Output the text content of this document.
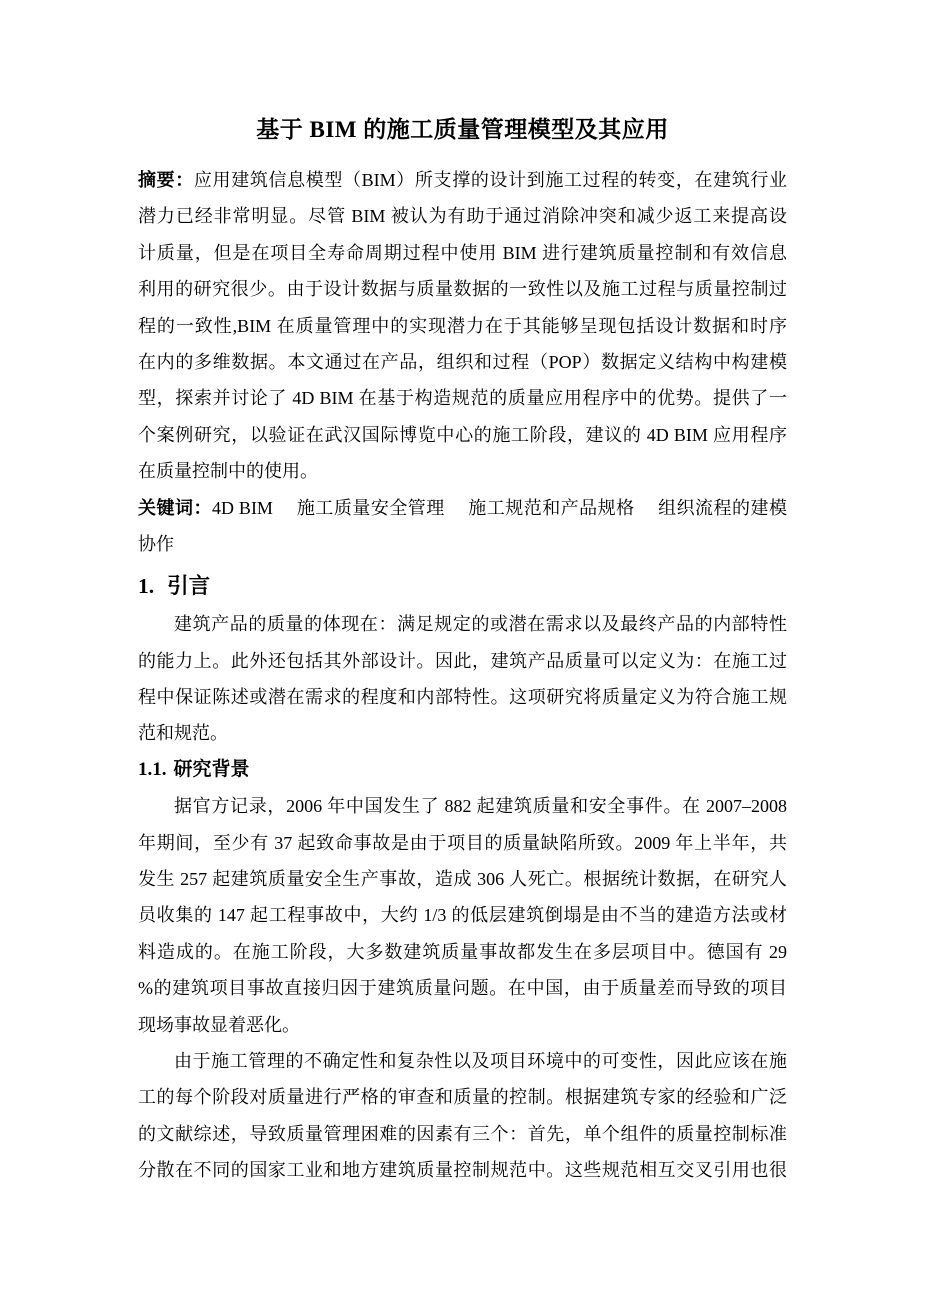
基于 BIM 的施工质量管理模型及其应用
摘要：应用建筑信息模型（BIM）所支撑的设计到施工过程的转变，在建筑行业
潜力已经非常明显。尽管 BIM 被认为有助于通过消除冲突和减少返工来提高设
计质量，但是在项目全寿命周期过程中使用 BIM 进行建筑质量控制和有效信息
利用的研究很少。由于设计数据与质量数据的一致性以及施工过程与质量控制过
程的一致性,BIM 在质量管理中的实现潜力在于其能够呈现包括设计数据和时序
在内的多维数据。本文通过在产品，组织和过程（POP）数据定义结构中构建模
型，探索并讨论了 4D BIM 在基于构造规范的质量应用程序中的优势。提供了一
个案例研究，以验证在武汉国际博览中心的施工阶段，建议的 4D BIM 应用程序
在质量控制中的使用。
关键词：4D BIM　 施工质量安全管理　 施工规范和产品规格　 组织流程的建模
协作
1. 引言
建筑产品的质量的体现在：满足规定的或潜在需求以及最终产品的内部特性
的能力上。此外还包括其外部设计。因此，建筑产品质量可以定义为：在施工过
程中保证陈述或潜在需求的程度和内部特性。这项研究将质量定义为符合施工规
范和规范。
1.1. 研究背景
据官方记录，2006 年中国发生了 882 起建筑质量和安全事件。在 2007–2008
年期间，至少有 37 起致命事故是由于项目的质量缺陷所致。2009 年上半年，共
发生 257 起建筑质量安全生产事故，造成 306 人死亡。根据统计数据，在研究人
员收集的 147 起工程事故中，大约 1/3 的低层建筑倒塌是由不当的建造方法或材
料造成的。在施工阶段，大多数建筑质量事故都发生在多层项目中。德国有 29
%的建筑项目事故直接归因于建筑质量问题。在中国，由于质量差而导致的项目
现场事故显着恶化。
由于施工管理的不确定性和复杂性以及项目环境中的可变性，因此应该在施
工的每个阶段对质量进行严格的审查和质量的控制。根据建筑专家的经验和广泛
的文献综述，导致质量管理困难的因素有三个：首先，单个组件的质量控制标准
分散在不同的国家工业和地方建筑质量控制规范中。这些规范相互交叉引用也很
